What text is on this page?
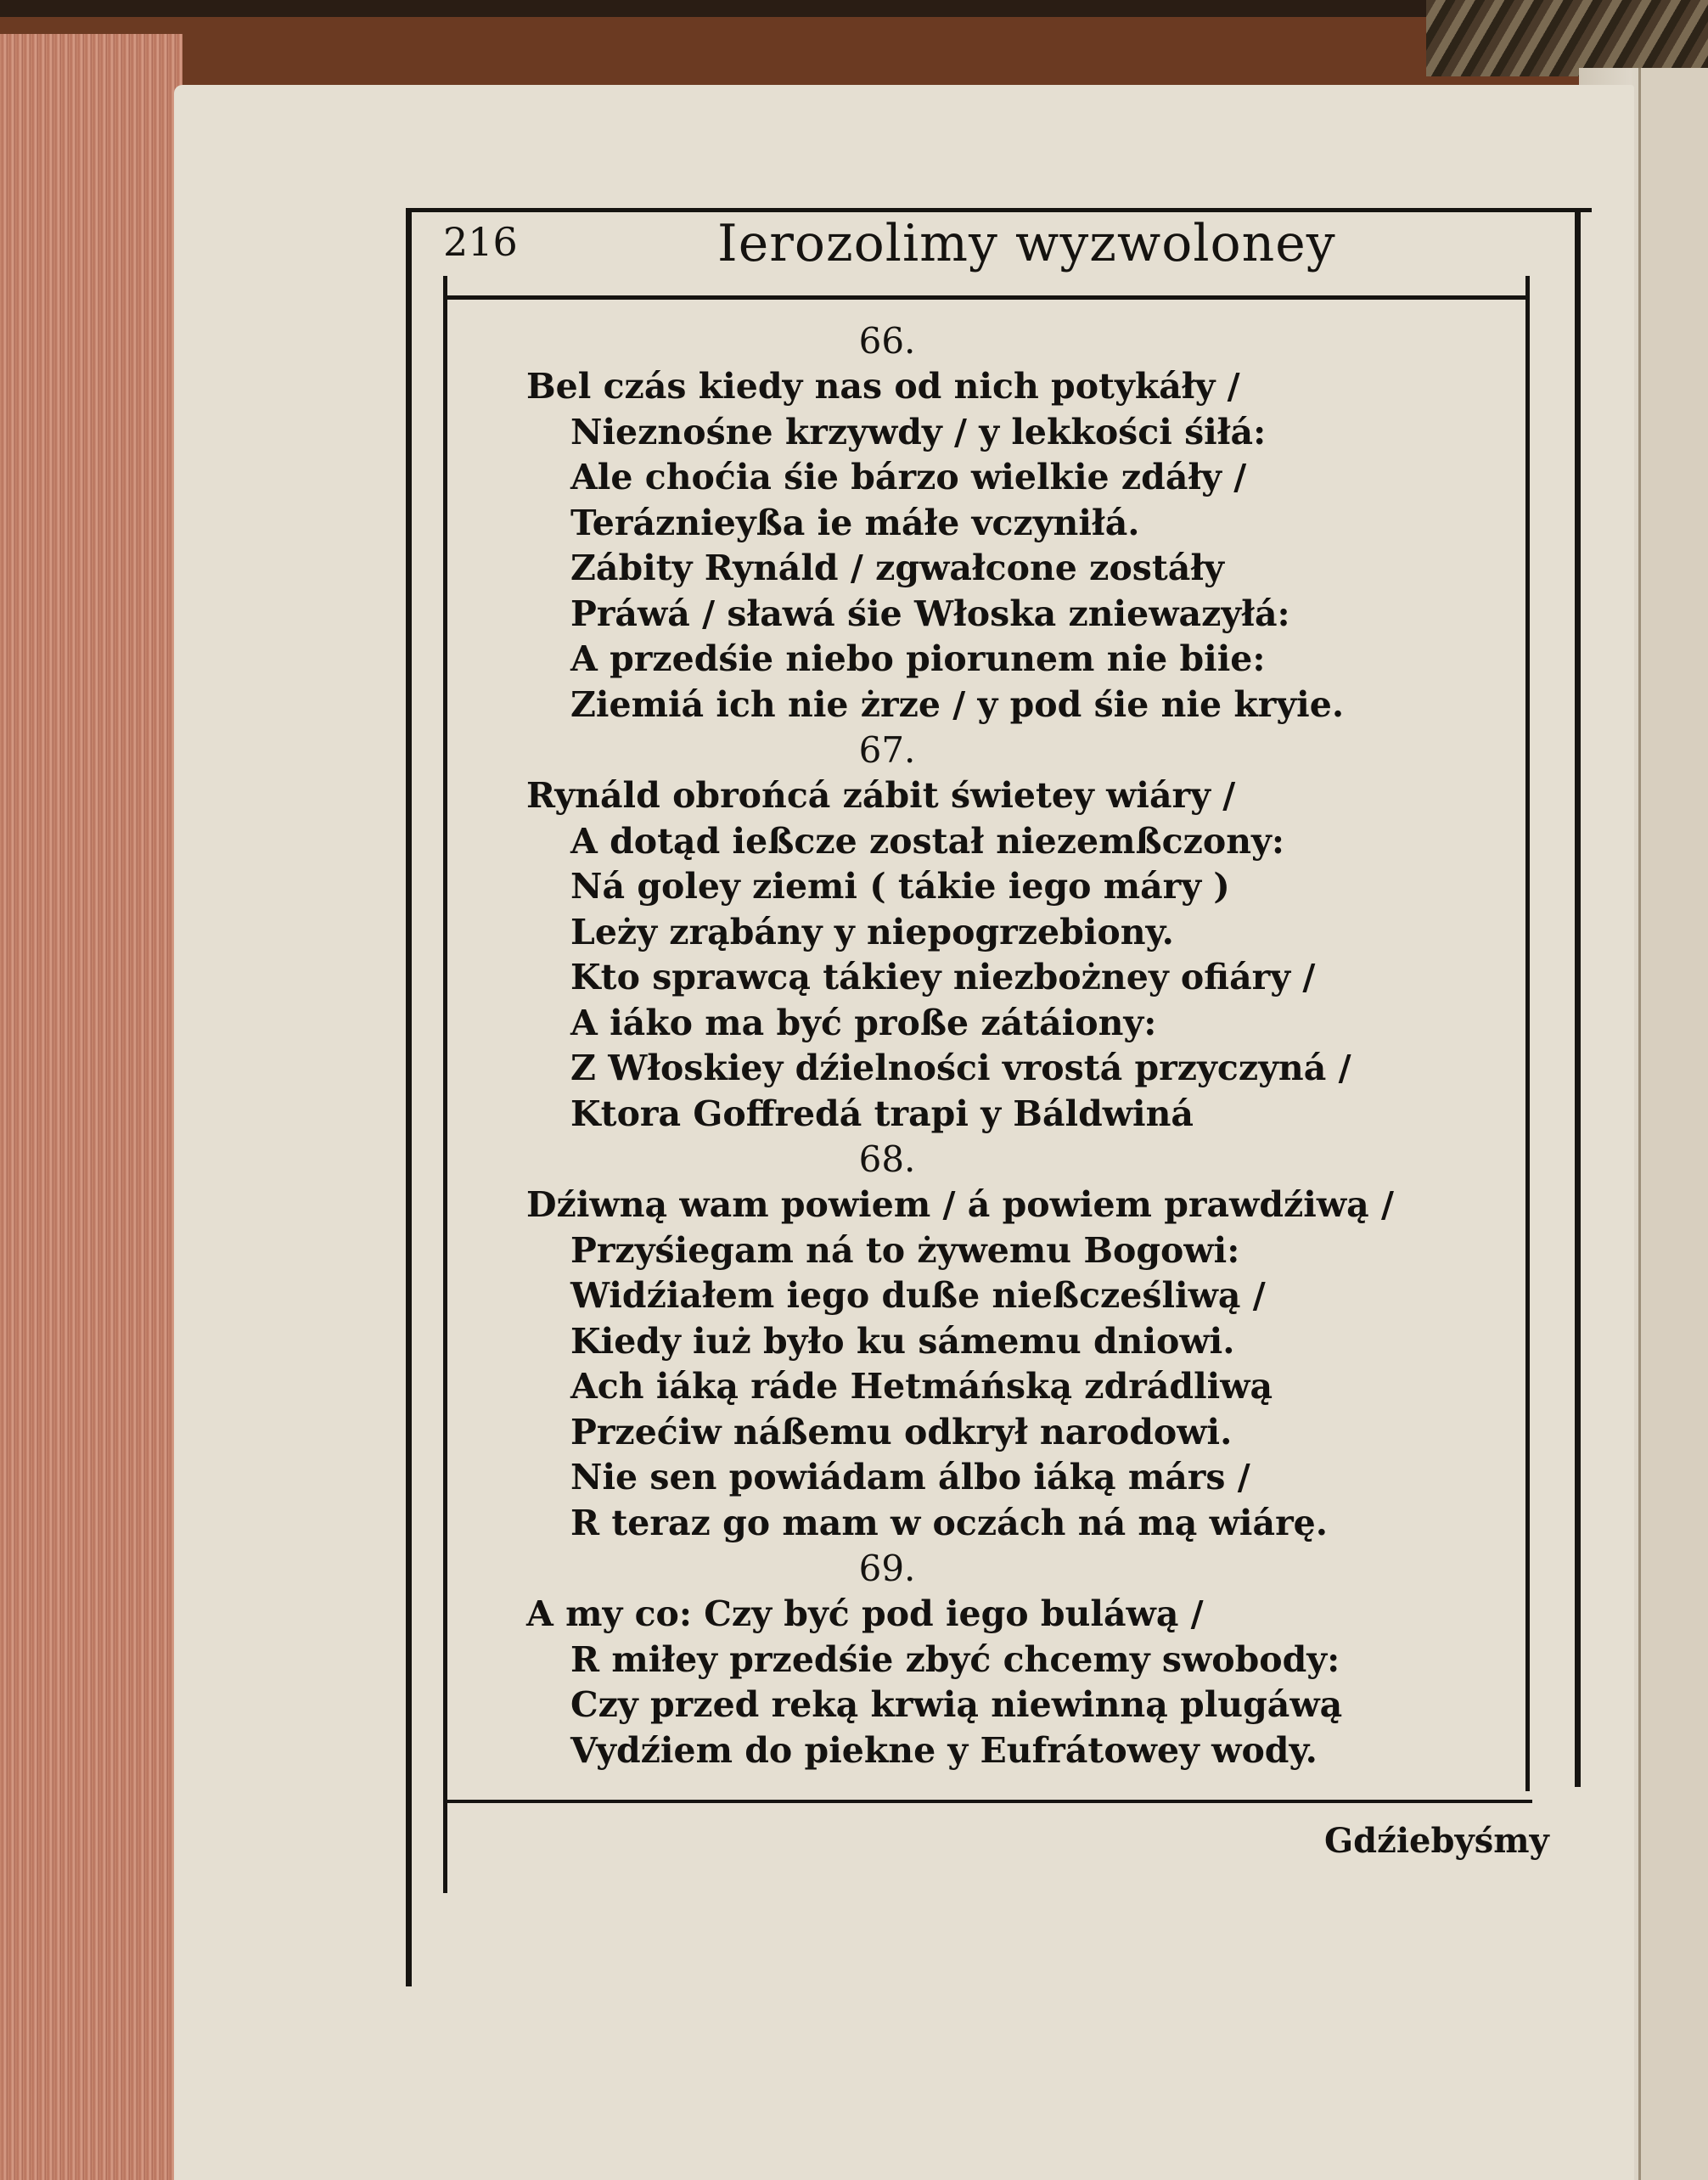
216	Ierozolimy wyzwoloney
66.
Bel czás kiedy nas od nich potykáły /
Nieznośne krzywdy / y lekkości śiłá:
Ale choćia śie bárzo wielkie zdáły /
Teráznieyßa ie máłe vczyniłá.
Zábity Rynáld / zgwałcone zostáły
Práwá / sławá śie Włoska zniewazyłá:
A przedśie niebo piorunem nie biie:
Ziemiá ich nie żrze / y pod śie nie kryie.
67.
Rynáld obrońcá zábit świetey wiáry /
A dotąd ießcze został niezemßczony:
Ná goley ziemi ( tákie iego máry )
Leży zrąbány y niepogrzebiony.
Kto sprawcą tákiey niezbożney ofiáry /
A iáko ma być proße zátáiony:
Z Włoskiey dźielności vrostá przyczyná /
Ktora Goffredá trapi y Báldwiná
68.
Dźiwną wam powiem / á powiem prawdźiwą /
Przyśiegam ná to żywemu Bogowi:
Widźiałem iego duße nießcześliwą /
Kiedy iuż było ku sámemu dniowi.
Ach iáką ráde Hetmáńską zdrádliwą
Przećiw náßemu odkrył narodowi.
Nie sen powiádam álbo iáką márs /
R teraz go mam w oczách ná mą wiárę.
69.
A my co: Czy być pod iego buláwą /
R miłey przedśie zbyć chcemy swobody:
Czy przed reką krwią niewinną plugáwą
Vydźiem do piekne y Eufrátowey wody.
Gdźiebyśmy
